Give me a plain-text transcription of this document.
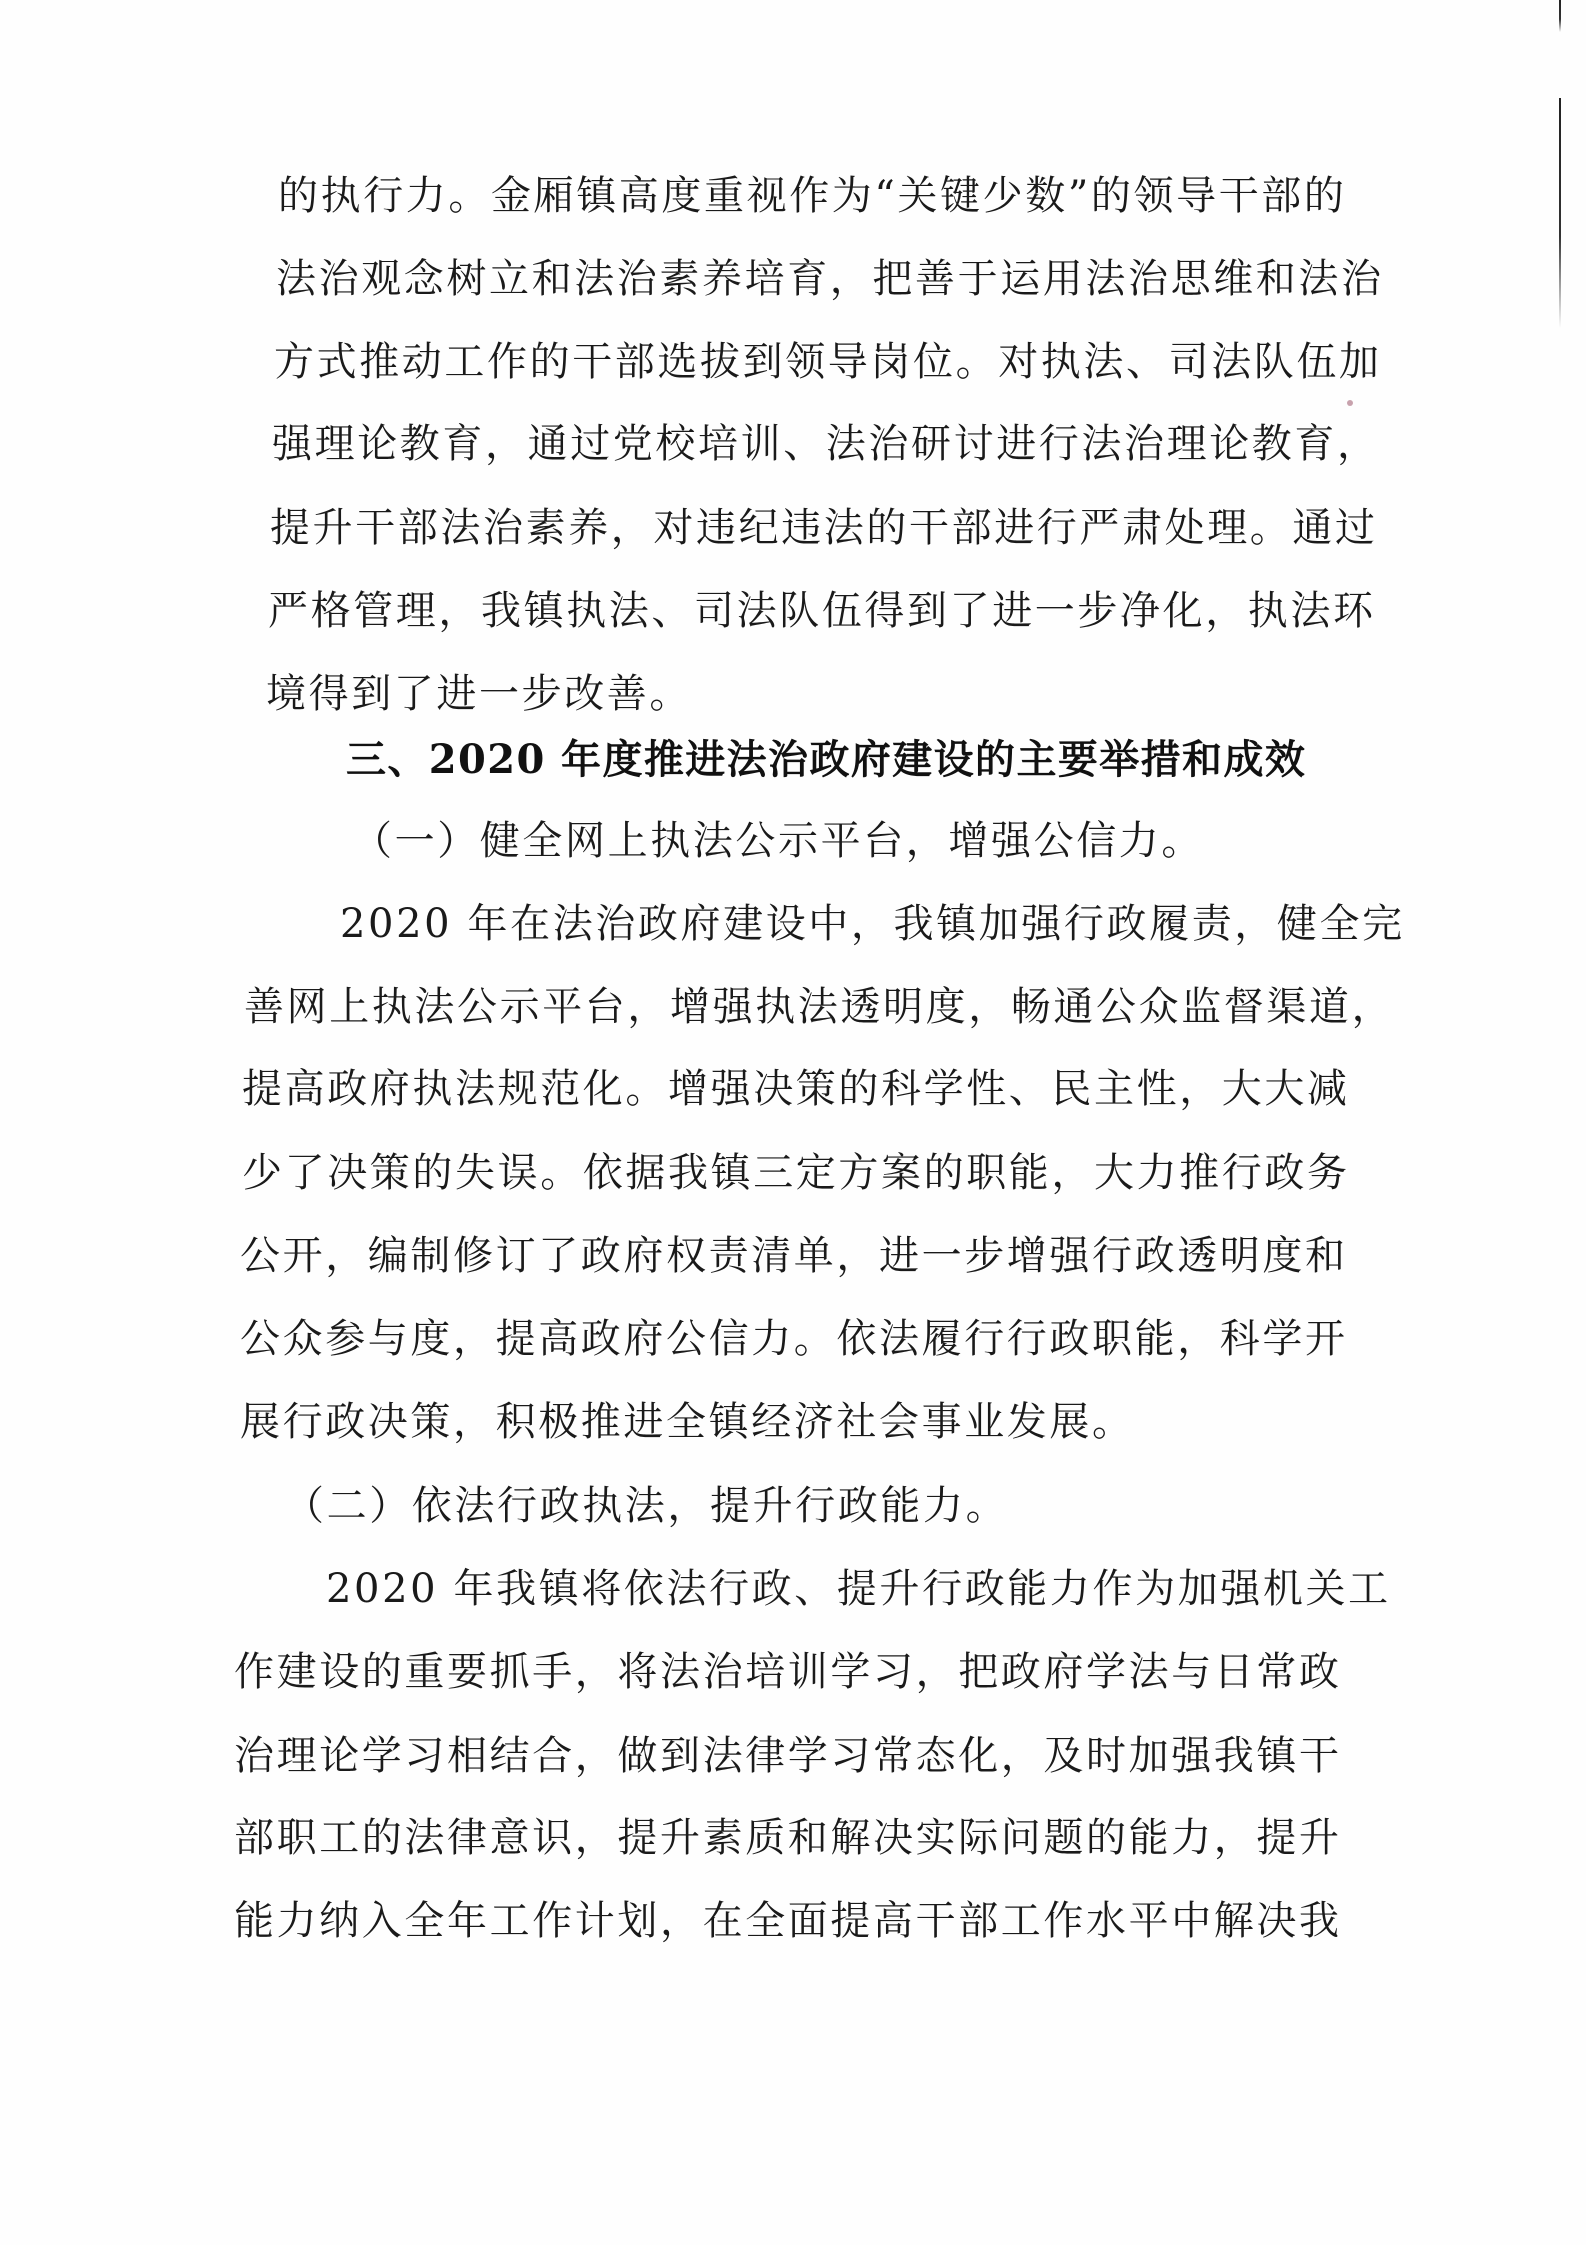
的执行力。金厢镇高度重视作为“关键少数”的领导干部的
法治观念树立和法治素养培育，把善于运用法治思维和法治
方式推动工作的干部选拔到领导岗位。对执法、司法队伍加
强理论教育，通过党校培训、法治研讨进行法治理论教育，
提升干部法治素养，对违纪违法的干部进行严肃处理。通过
严格管理，我镇执法、司法队伍得到了进一步净化，执法环
境得到了进一步改善。
三、2020 年度推进法治政府建设的主要举措和成效
（一）健全网上执法公示平台，增强公信力。
2020 年在法治政府建设中，我镇加强行政履责，健全完
善网上执法公示平台，增强执法透明度，畅通公众监督渠道，
提高政府执法规范化。增强决策的科学性、民主性，大大减
少了决策的失误。依据我镇三定方案的职能，大力推行政务
公开，编制修订了政府权责清单，进一步增强行政透明度和
公众参与度，提高政府公信力。依法履行行政职能，科学开
展行政决策，积极推进全镇经济社会事业发展。
（二）依法行政执法，提升行政能力。
2020 年我镇将依法行政、提升行政能力作为加强机关工
作建设的重要抓手，将法治培训学习，把政府学法与日常政
治理论学习相结合，做到法律学习常态化，及时加强我镇干
部职工的法律意识，提升素质和解决实际问题的能力，提升
能力纳入全年工作计划，在全面提高干部工作水平中解决我
